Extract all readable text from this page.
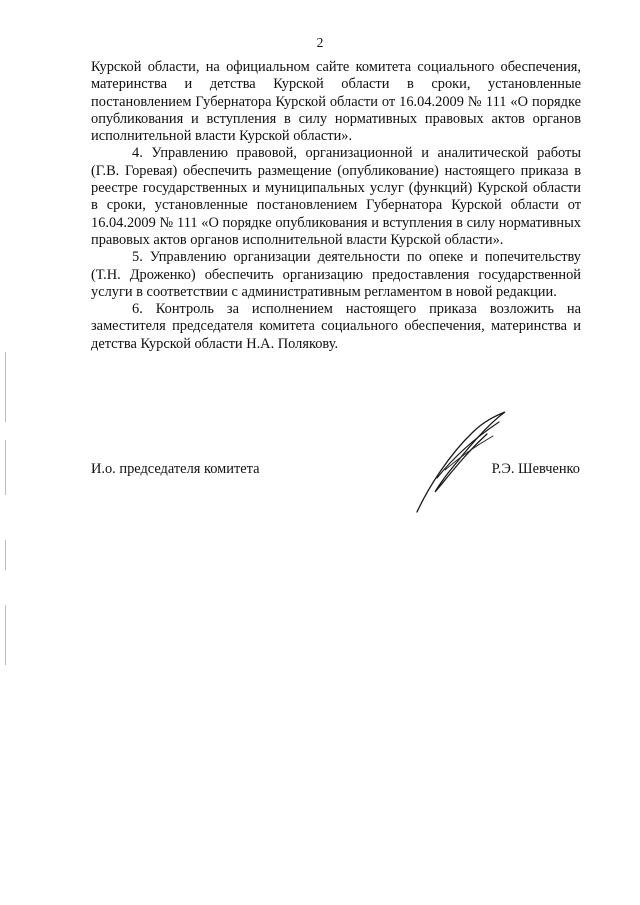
2

Курской области, на официальном сайте комитета социального обеспечения, материнства и детства Курской области в сроки, установленные постановлением Губернатора Курской области от 16.04.2009 № 111 «О порядке опубликования и вступления в силу нормативных правовых актов органов исполнительной власти Курской области».

4. Управлению правовой, организационной и аналитической работы (Г.В. Горевая) обеспечить размещение (опубликование) настоящего приказа в реестре государственных и муниципальных услуг (функций) Курской области в сроки, установленные постановлением Губернатора Курской области от 16.04.2009 № 111 «О порядке опубликования и вступления в силу нормативных правовых актов органов исполнительной власти Курской области».

5. Управлению организации деятельности по опеке и попечительству (Т.Н. Дроженко) обеспечить организацию предоставления государственной услуги в соответствии с административным регламентом в новой редакции.

6. Контроль за исполнением настоящего приказа возложить на заместителя председателя комитета социального обеспечения, материнства и детства Курской области Н.А. Полякову.

И.о. председателя комитета	Р.Э. Шевченко
